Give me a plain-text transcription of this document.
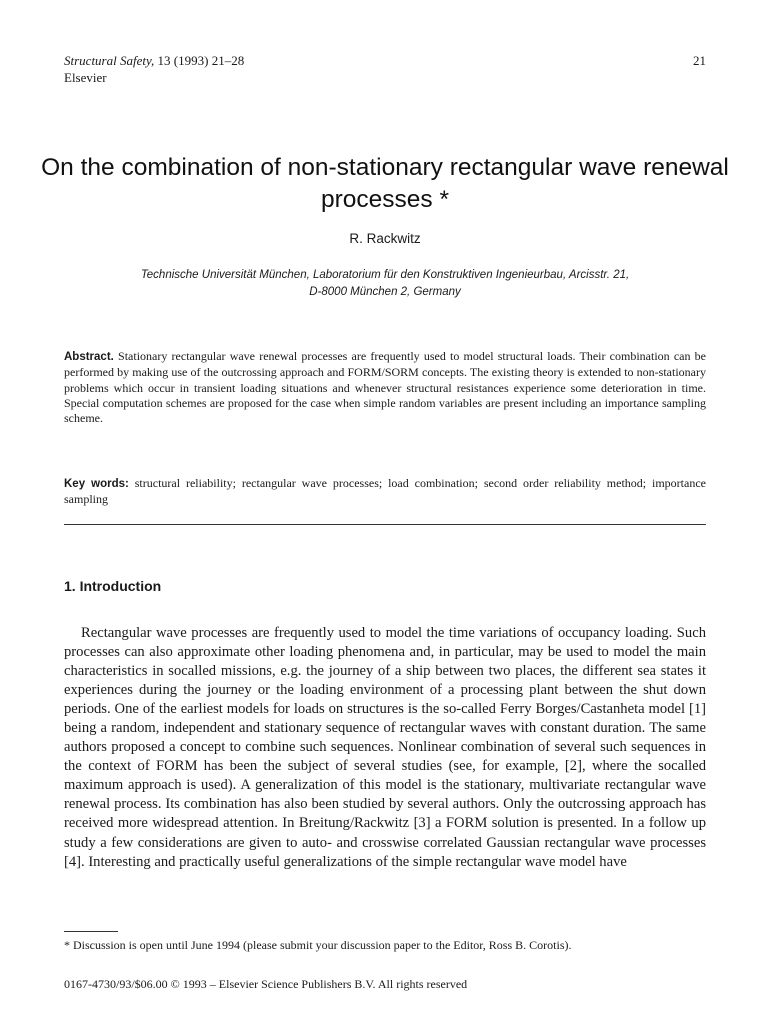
Structural Safety, 13 (1993) 21–28
Elsevier
21
On the combination of non-stationary rectangular wave renewal processes *
R. Rackwitz
Technische Universität München, Laboratorium für den Konstruktiven Ingenieurbau, Arcisstr. 21,
D-8000 München 2, Germany
Abstract. Stationary rectangular wave renewal processes are frequently used to model structural loads. Their combination can be performed by making use of the outcrossing approach and FORM/SORM concepts. The existing theory is extended to non-stationary problems which occur in transient loading situations and whenever structural resistances experience some deterioration in time. Special computation schemes are proposed for the case when simple random variables are present including an importance sampling scheme.
Key words: structural reliability; rectangular wave processes; load combination; second order reliability method; importance sampling
1. Introduction

Rectangular wave processes are frequently used to model the time variations of occupancy loading. Such processes can also approximate other loading phenomena and, in particular, may be used to model the main characteristics in socalled missions, e.g. the journey of a ship between two places, the different sea states it experiences during the journey or the loading environment of a processing plant between the shut down periods. One of the earliest models for loads on structures is the so-called Ferry Borges/Castanheta model [1] being a random, independent and stationary sequence of rectangular waves with constant duration. The same authors proposed a concept to combine such sequences. Nonlinear combination of several such sequences in the context of FORM has been the subject of several studies (see, for example, [2], where the socalled maximum approach is used). A generalization of this model is the stationary, multivariate rectangular wave renewal process. Its combination has also been studied by several authors. Only the outcrossing approach has received more widespread attention. In Breitung/Rackwitz [3] a FORM solution is presented. In a follow up study a few considerations are given to auto- and crosswise correlated Gaussian rectangular wave processes [4]. Interesting and practically useful generalizations of the simple rectangular wave model have

* Discussion is open until June 1994 (please submit your discussion paper to the Editor, Ross B. Corotis).
0167-4730/93/$06.00 © 1993 – Elsevier Science Publishers B.V. All rights reserved
